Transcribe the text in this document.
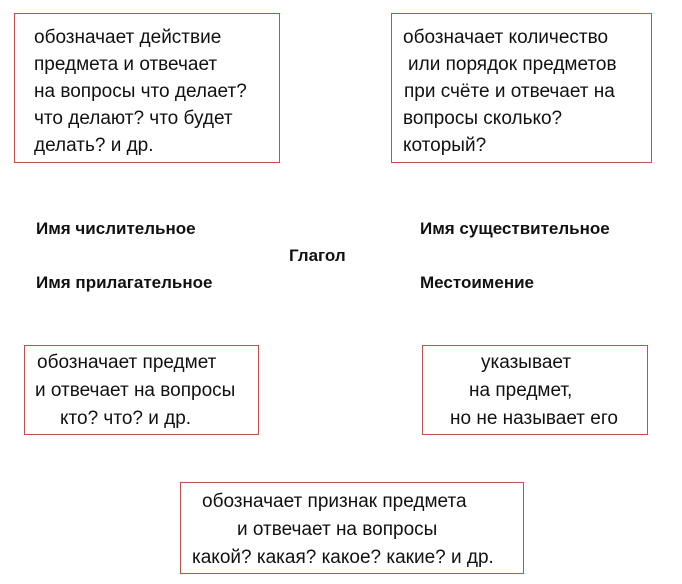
обозначает действие
предмета и отвечает
на вопросы что делает?
что делают? что будет
делать? и др.
обозначает количество
или порядок предметов
при счёте и отвечает на
вопросы сколько?
который?
Имя числительное	Имя существительное
Глагол
Имя прилагательное	Местоимение
обозначает предмет
и отвечает на вопросы
кто? что? и др.
указывает
на предмет,
но не называет его
обозначает признак предмета
и отвечает на вопросы
какой? какая? какое? какие? и др.
